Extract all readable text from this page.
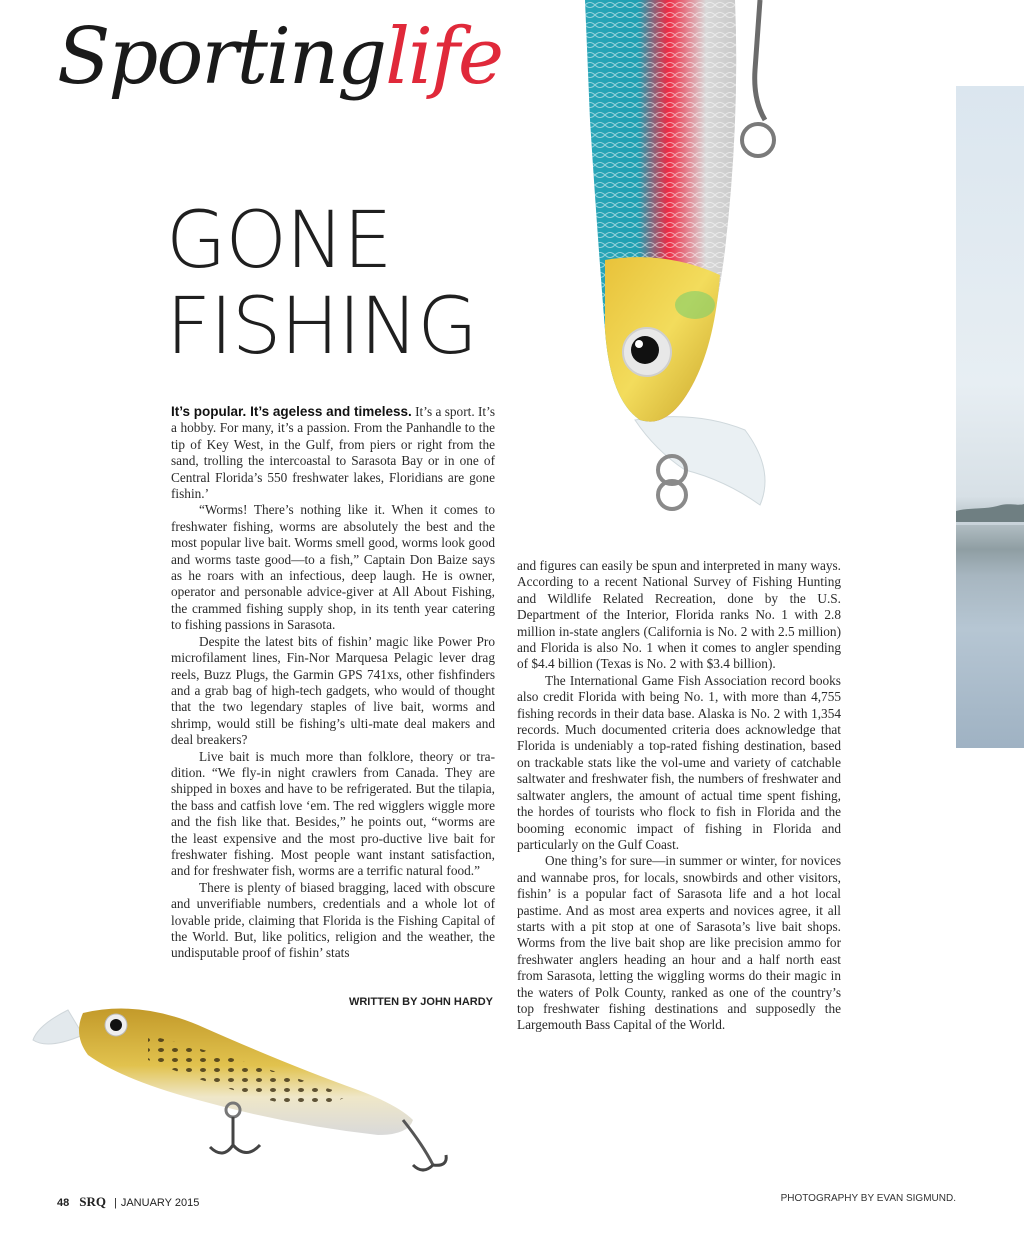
Sportinglife
GONE
FISHING

It’s popular. It’s ageless and timeless. It’s a sport. It’s a hobby. For many, it’s a passion. From the Panhandle to the tip of Key West, in the Gulf, from piers or right from the sand, trolling the intercoastal to Sarasota Bay or in one of Central Florida’s 550 freshwater lakes, Floridians are gone fishin.’

“Worms! There’s nothing like it. When it comes to freshwater fishing, worms are absolutely the best and the most popular live bait. Worms smell good, worms look good and worms taste good—to a fish,” Captain Don Baize says as he roars with an infectious, deep laugh. He is owner, operator and personable advice-giver at All About Fishing, the crammed fishing supply shop, in its tenth year catering to fishing passions in Sarasota.

Despite the latest bits of fishin’ magic like Power Pro microfilament lines, Fin-Nor Marquesa Pelagic lever drag reels, Buzz Plugs, the Garmin GPS 741xs, other fishfinders and a grab bag of high-tech gadgets, who would of thought that the two legendary staples of live bait, worms and shrimp, would still be fishing’s ulti-mate deal makers and deal breakers?

Live bait is much more than folklore, theory or tra-dition. “We fly-in night crawlers from Canada. They are shipped in boxes and have to be refrigerated. But the tilapia, the bass and catfish love ‘em. The red wigglers wiggle more and the fish like that. Besides,” he points out, “worms are the least expensive and the most pro-ductive live bait for freshwater fishing. Most people want instant satisfaction, and for freshwater fish, worms are a terrific natural food.”

There is plenty of biased bragging, laced with obscure and unverifiable numbers, credentials and a whole lot of lovable pride, claiming that Florida is the Fishing Capital of the World. But, like politics, religion and the weather, the undisputable proof of fishin’ stats

WRITTEN BY JOHN HARDY

and figures can easily be spun and interpreted in many ways. According to a recent National Survey of Fishing Hunting and Wildlife Related Recreation, done by the U.S. Department of the Interior, Florida ranks No. 1 with 2.8 million in-state anglers (California is No. 2 with 2.5 million) and Florida is also No. 1 when it comes to angler spending of $4.4 billion (Texas is No. 2 with $3.4 billion).

The International Game Fish Association record books also credit Florida with being No. 1, with more than 4,755 fishing records in their data base. Alaska is No. 2 with 1,354 records. Much documented criteria does acknowledge that Florida is undeniably a top-rated fishing destination, based on trackable stats like the vol-ume and variety of catchable saltwater and freshwater fish, the numbers of freshwater and saltwater anglers, the amount of actual time spent fishing, the hordes of tourists who flock to fish in Florida and the booming economic impact of fishing in Florida and particularly on the Gulf Coast.

One thing’s for sure—in summer or winter, for novices and wannabe pros, for locals, snowbirds and other visitors, fishin’ is a popular fact of Sarasota life and a hot local pastime. And as most area experts and novices agree, it all starts with a pit stop at one of Sarasota’s live bait shops. Worms from the live bait shop are like precision ammo for freshwater anglers heading an hour and a half north east from Sarasota, letting the wiggling worms do their magic in the waters of Polk County, ranked as one of the country’s top freshwater fishing destinations and supposedly the Largemouth Bass Capital of the World.

48 SRQ | JANUARY 2015	PHOTOGRAPHY BY EVAN SIGMUND.
